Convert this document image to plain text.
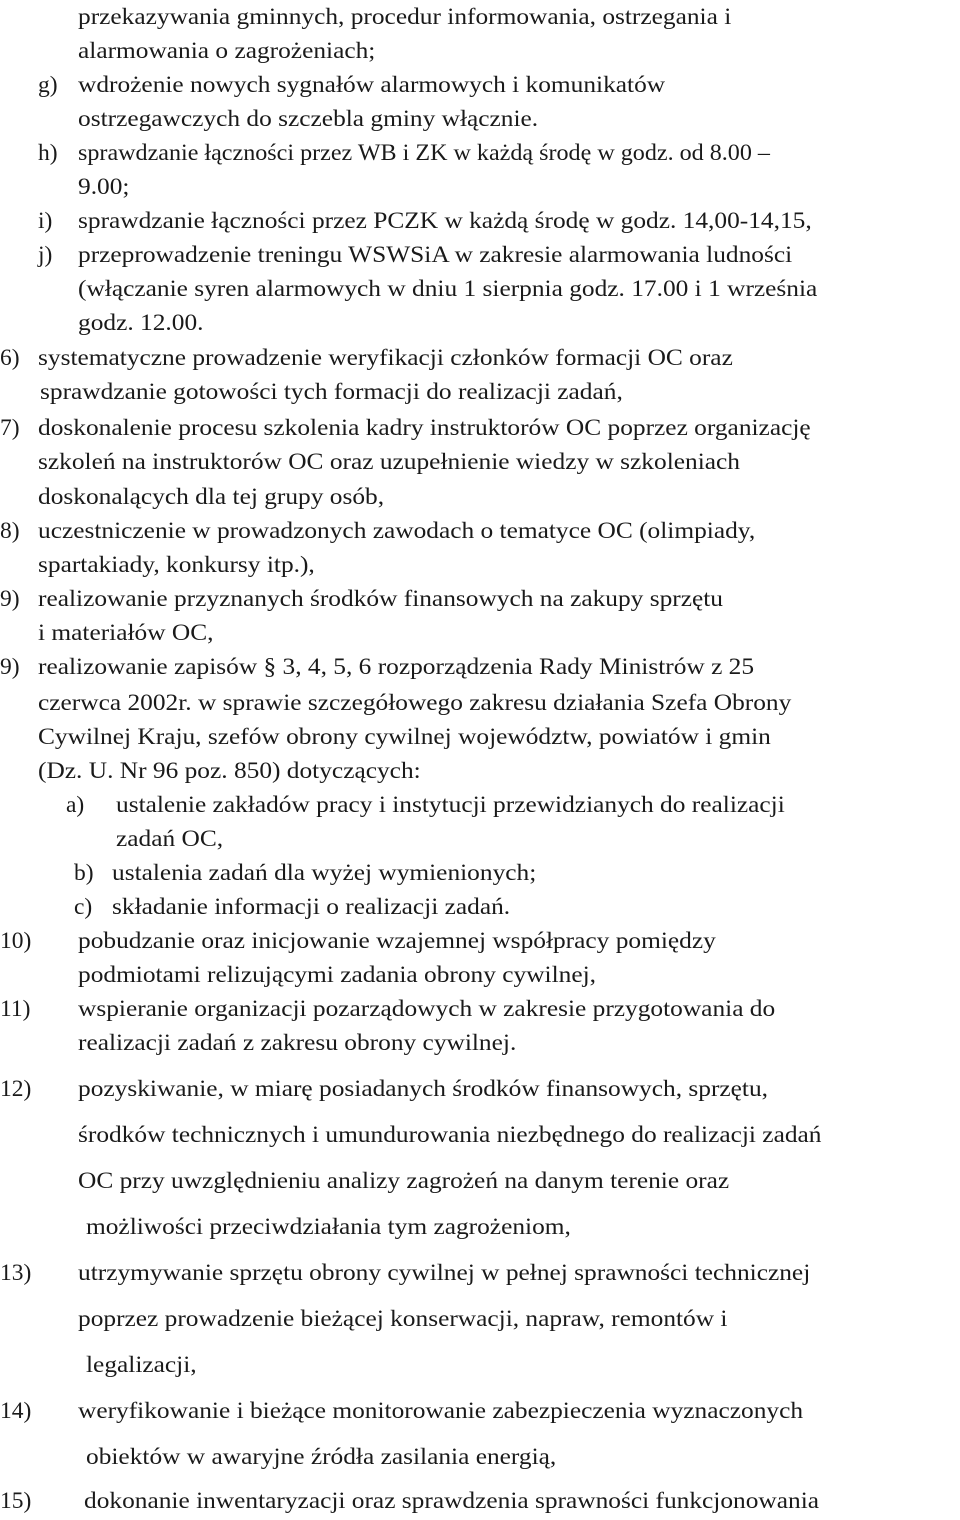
przekazywania gminnych, procedur informowania, ostrzegania i
alarmowania o zagrożeniach;
g) wdrożenie nowych sygnałów alarmowych i komunikatów
ostrzegawczych do szczebla gminy włącznie.
h) sprawdzanie łączności przez WB i ZK w każdą środę w godz. od 8.00 –
9.00;
i) sprawdzanie łączności przez PCZK w każdą środę w godz. 14,00-14,15,
j) przeprowadzenie treningu WSWSiA w zakresie alarmowania ludności
(włączanie syren alarmowych w dniu 1 sierpnia godz. 17.00 i 1 września
godz. 12.00.
6) systematyczne prowadzenie weryfikacji członków formacji OC oraz
sprawdzanie gotowości tych formacji do realizacji zadań,
7) doskonalenie procesu szkolenia kadry instruktorów OC poprzez organizację
szkoleń na instruktorów OC oraz uzupełnienie wiedzy w szkoleniach
doskonalących dla tej grupy osób,
8) uczestniczenie w prowadzonych zawodach o tematyce OC (olimpiady,
spartakiady, konkursy itp.),
9) realizowanie przyznanych środków finansowych na zakupy sprzętu
i materiałów OC,
9) realizowanie zapisów § 3, 4, 5, 6 rozporządzenia Rady Ministrów z 25
czerwca 2002r. w sprawie szczegółowego zakresu działania Szefa Obrony
Cywilnej Kraju, szefów obrony cywilnej województw, powiatów i gmin
(Dz. U. Nr 96 poz. 850) dotyczących:
a) ustalenie zakładów pracy i instytucji przewidzianych do realizacji
zadań OC,
b) ustalenia zadań dla wyżej wymienionych;
c) składanie informacji o realizacji zadań.
10) pobudzanie oraz inicjowanie wzajemnej współpracy pomiędzy
podmiotami relizującymi zadania obrony cywilnej,
11) wspieranie organizacji pozarządowych w zakresie przygotowania do
realizacji zadań z zakresu obrony cywilnej.
12) pozyskiwanie, w miarę posiadanych środków finansowych, sprzętu,
środków technicznych i umundurowania niezbędnego do realizacji zadań
OC przy uwzględnieniu analizy zagrożeń na danym terenie oraz
możliwości przeciwdziałania tym zagrożeniom,
13) utrzymywanie sprzętu obrony cywilnej w pełnej sprawności technicznej
poprzez prowadzenie bieżącej konserwacji, napraw, remontów i
legalizacji,
14) weryfikowanie i bieżące monitorowanie zabezpieczenia wyznaczonych
obiektów w awaryjne źródła zasilania energią,
15) dokonanie inwentaryzacji oraz sprawdzenia sprawności funkcjonowania
